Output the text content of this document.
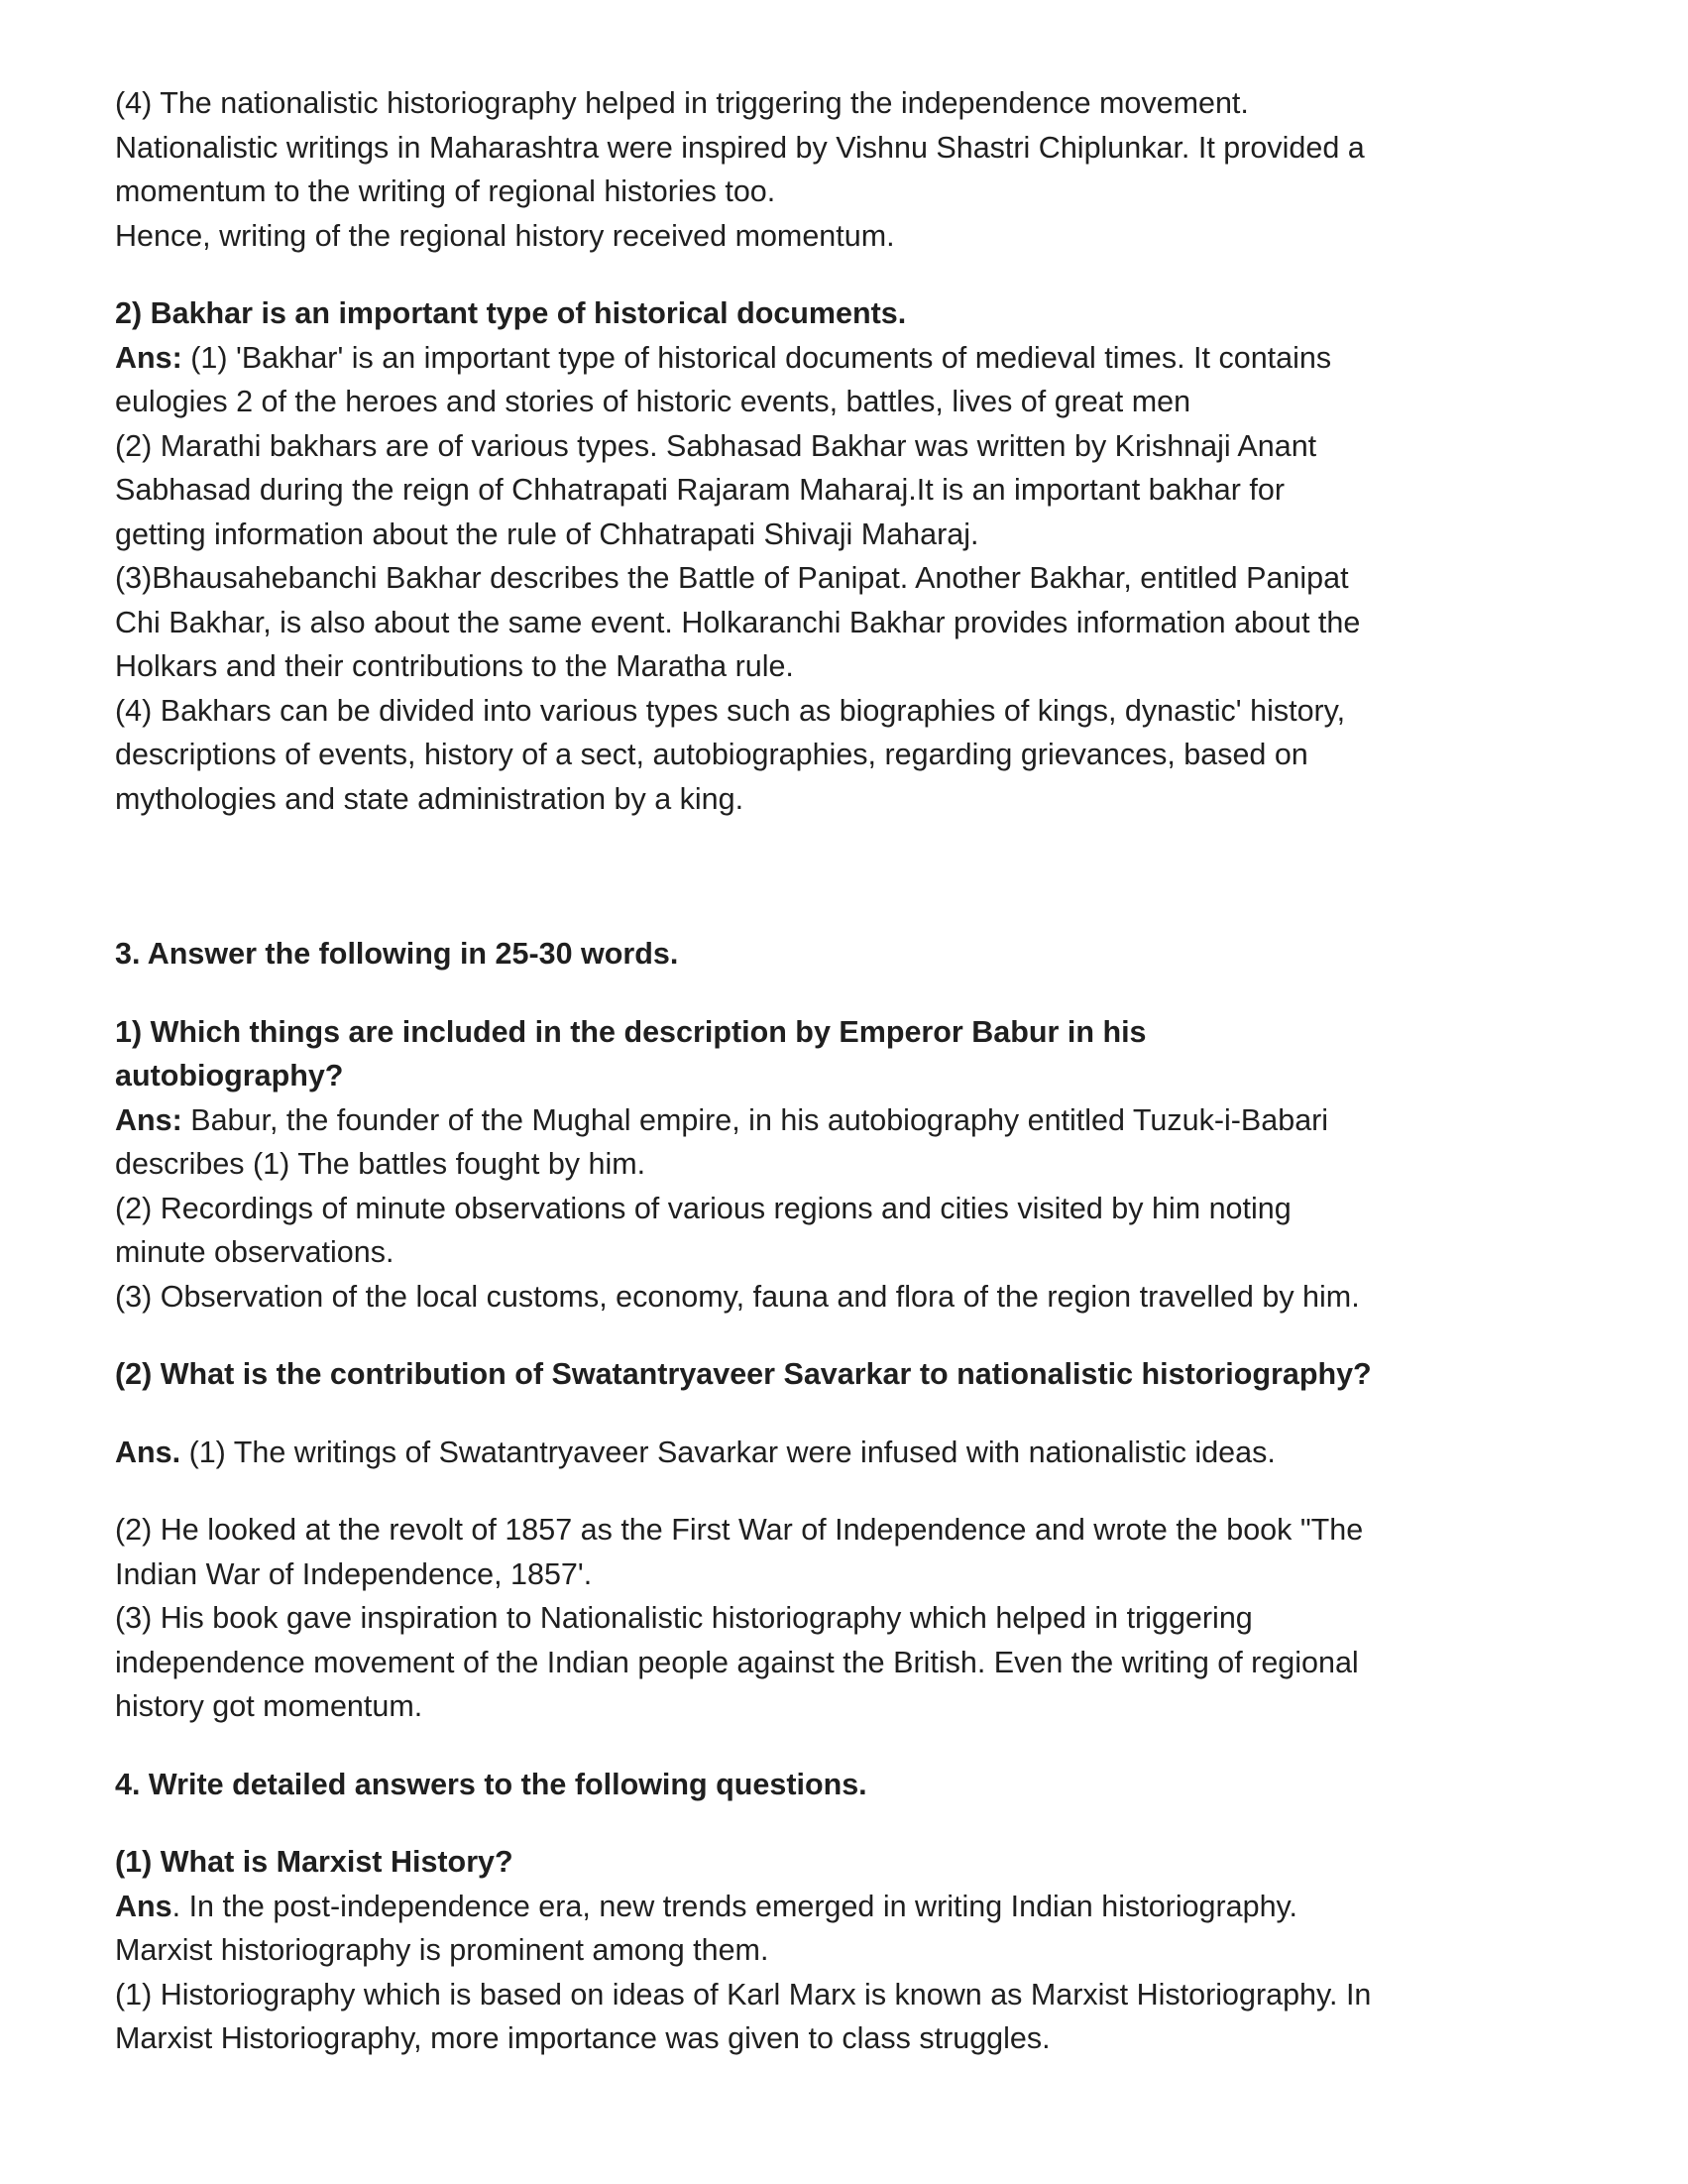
(4) The nationalistic historiography helped in triggering the independence movement.

Nationalistic writings in Maharashtra were inspired by Vishnu Shastri Chiplunkar. It provided a

momentum to the writing of regional histories too.

Hence, writing of the regional history received momentum.

2) Bakhar is an important type of historical documents.

Ans: (1) 'Bakhar' is an important type of historical documents of medieval times. It contains

eulogies 2 of the heroes and stories of historic events, battles, lives of great men

(2) Marathi bakhars are of various types. Sabhasad Bakhar was written by Krishnaji Anant

Sabhasad during the reign of Chhatrapati Rajaram Maharaj.It is an important bakhar for

getting information about the rule of Chhatrapati Shivaji Maharaj.

(3)Bhausahebanchi Bakhar describes the Battle of Panipat. Another Bakhar, entitled Panipat

Chi Bakhar, is also about the same event. Holkaranchi Bakhar provides information about the

Holkars and their contributions to the Maratha rule.

(4) Bakhars can be divided into various types such as biographies of kings, dynastic' history,

descriptions of events, history of a sect, autobiographies, regarding grievances, based on

mythologies and state administration by a king.

3. Answer the following in 25-30 words.

1) Which things are included in the description by Emperor Babur in his

autobiography?

Ans: Babur, the founder of the Mughal empire, in his autobiography entitled Tuzuk-i-Babari

describes (1) The battles fought by him.

(2) Recordings of minute observations of various regions and cities visited by him noting

minute observations.

(3) Observation of the local customs, economy, fauna and flora of the region travelled by him.

(2) What is the contribution of Swatantryaveer Savarkar to nationalistic historiography?

Ans. (1) The writings of Swatantryaveer Savarkar were infused with nationalistic ideas.

(2) He looked at the revolt of 1857 as the First War of Independence and wrote the book "The

Indian War of Independence, 1857'.

(3) His book gave inspiration to Nationalistic historiography which helped in triggering

independence movement of the Indian people against the British. Even the writing of regional

history got momentum.

4. Write detailed answers to the following questions.

(1) What is Marxist History?

Ans. In the post-independence era, new trends emerged in writing Indian historiography.

Marxist historiography is prominent among them.

(1) Historiography which is based on ideas of Karl Marx is known as Marxist Historiography. In

Marxist Historiography, more importance was given to class struggles.
